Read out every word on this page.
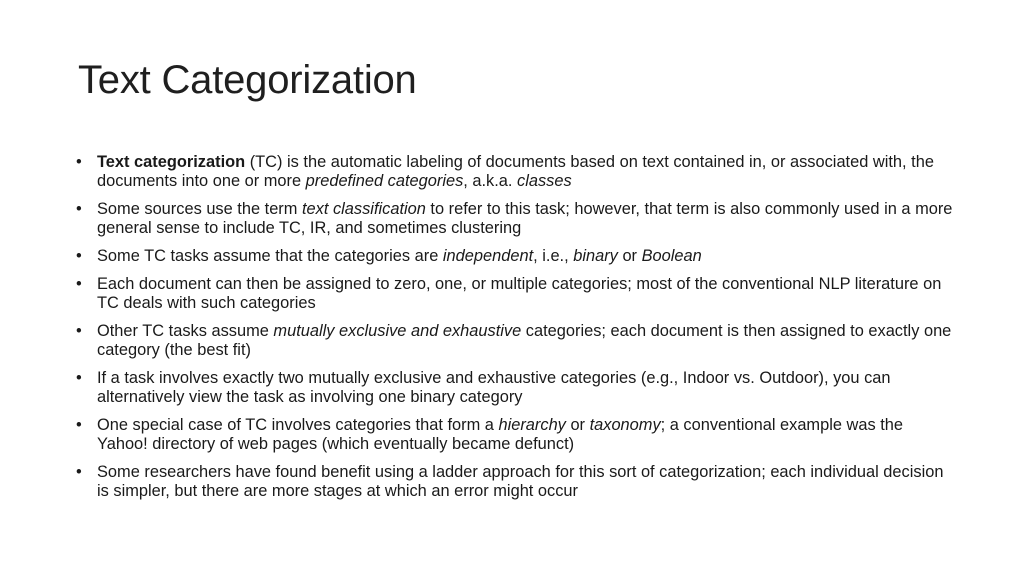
Text Categorization
• Text categorization (TC) is the automatic labeling of documents based on text contained in, or associated with, the documents into one or more predefined categories, a.k.a. classes
• Some sources use the term text classification to refer to this task; however, that term is also commonly used in a more general sense to include TC, IR, and sometimes clustering
• Some TC tasks assume that the categories are independent, i.e., binary or Boolean
• Each document can then be assigned to zero, one, or multiple categories; most of the conventional NLP literature on TC deals with such categories
• Other TC tasks assume mutually exclusive and exhaustive categories; each document is then assigned to exactly one category (the best fit)
• If a task involves exactly two mutually exclusive and exhaustive categories (e.g., Indoor vs. Outdoor), you can alternatively view the task as involving one binary category
• One special case of TC involves categories that form a hierarchy or taxonomy; a conventional example was the Yahoo! directory of web pages (which eventually became defunct)
• Some researchers have found benefit using a ladder approach for this sort of categorization; each individual decision is simpler, but there are more stages at which an error might occur
